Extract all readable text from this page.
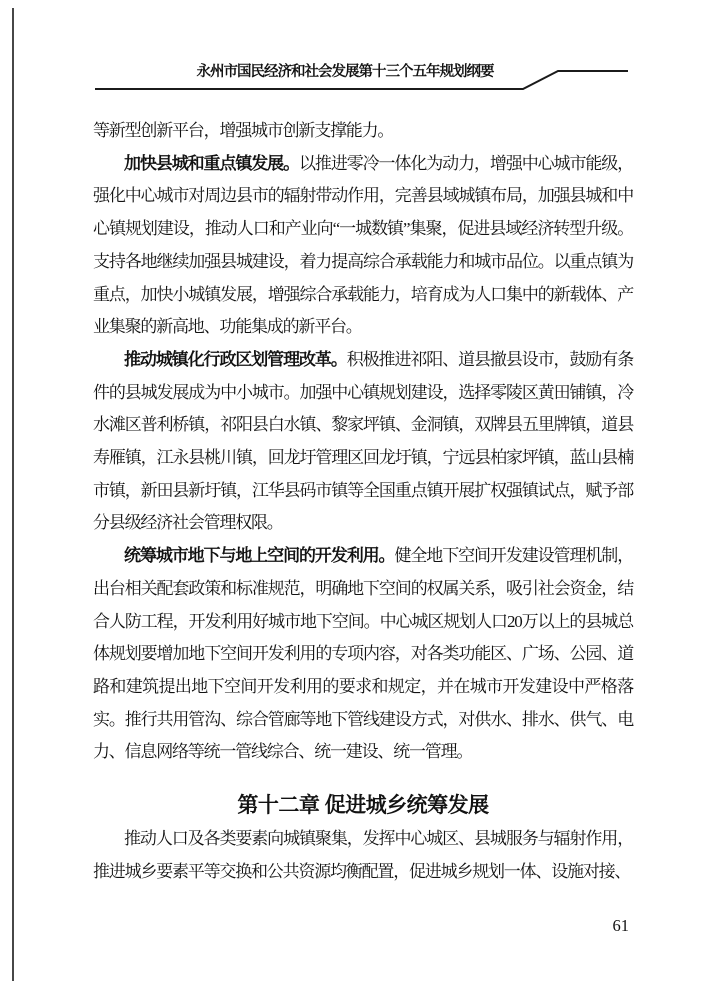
永州市国民经济和社会发展第十三个五年规划纲要

等新型创新平台，增强城市创新支撑能力。

加快县城和重点镇发展。以推进零冷一体化为动力，增强中心城市能级，强化中心城市对周边县市的辐射带动作用，完善县域城镇布局，加强县城和中心镇规划建设，推动人口和产业向“一城数镇”集聚，促进县域经济转型升级。支持各地继续加强县城建设，着力提高综合承载能力和城市品位。以重点镇为重点，加快小城镇发展，增强综合承载能力，培育成为人口集中的新载体、产业集聚的新高地、功能集成的新平台。

推动城镇化行政区划管理改革。积极推进祁阳、道县撤县设市，鼓励有条件的县城发展成为中小城市。加强中心镇规划建设，选择零陵区黄田铺镇，冷水滩区普利桥镇，祁阳县白水镇、黎家坪镇、金洞镇，双牌县五里牌镇，道县寿雁镇，江永县桃川镇，回龙圩管理区回龙圩镇，宁远县柏家坪镇，蓝山县楠市镇，新田县新圩镇，江华县码市镇等全国重点镇开展扩权强镇试点，赋予部分县级经济社会管理权限。

统筹城市地下与地上空间的开发利用。健全地下空间开发建设管理机制，出台相关配套政策和标准规范，明确地下空间的权属关系，吸引社会资金，结合人防工程，开发利用好城市地下空间。中心城区规划人口20万以上的县城总体规划要增加地下空间开发利用的专项内容，对各类功能区、广场、公园、道路和建筑提出地下空间开发利用的要求和规定，并在城市开发建设中严格落实。推行共用管沟、综合管廊等地下管线建设方式，对供水、排水、供气、电力、信息网络等统一管线综合、统一建设、统一管理。

第十二章 促进城乡统筹发展

推动人口及各类要素向城镇聚集，发挥中心城区、县城服务与辐射作用，推进城乡要素平等交换和公共资源均衡配置，促进城乡规划一体、设施对接、

61
